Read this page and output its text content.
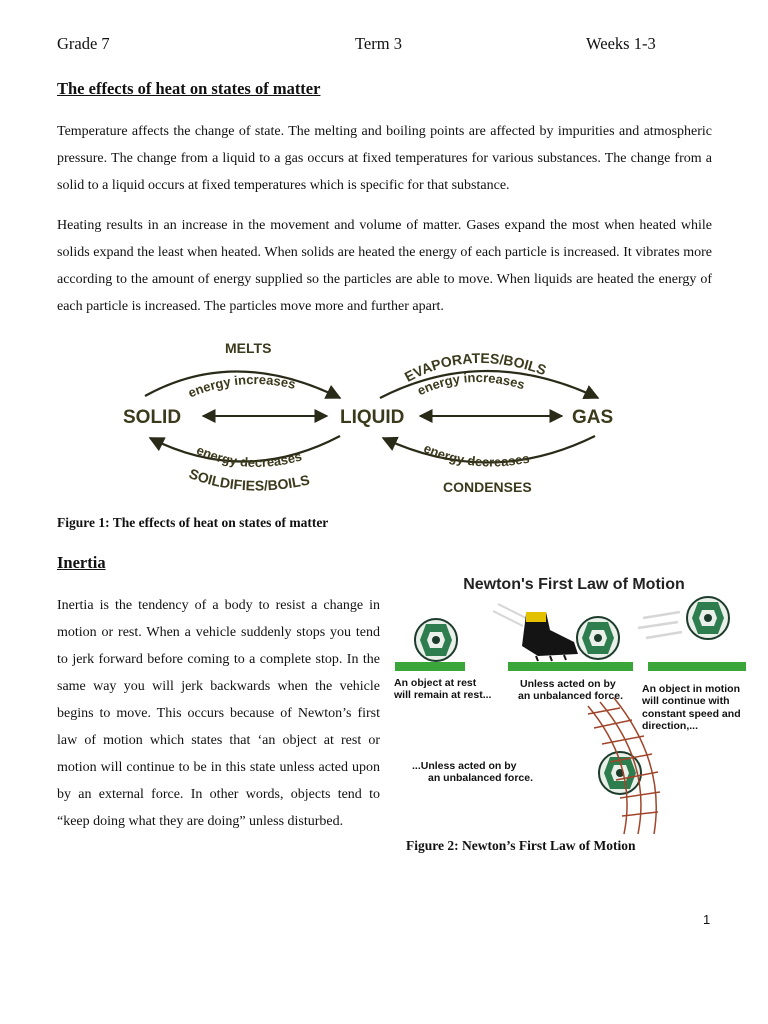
Grade 7	Term 3	Weeks 1-3
The effects of heat on states of matter

Temperature affects the change of state. The melting and boiling points are affected by impurities and atmospheric pressure. The change from a liquid to a gas occurs at fixed temperatures for various substances. The change from a solid to a liquid occurs at fixed temperatures which is specific for that substance.

Heating results in an increase in the movement and volume of matter. Gases expand the most when heated while solids expand the least when heated. When solids are heated the energy of each particle is increased. It vibrates more according to the amount of energy supplied so the particles are able to move. When liquids are heated the energy of each particle is increased. The particles move more and further apart.

SOLID	LIQUID	GAS
MELTS
EVAPORATES/BOILS
energy increases	energy increases
energy decreases	energy decreases
SOILDIFIES/BOILS	CONDENSES
Figure 1: The effects of heat on states of matter
Inertia

Inertia is the tendency of a body to resist a change in motion or rest. When a vehicle suddenly stops you tend to jerk forward before coming to a complete stop. In the same way you will jerk backwards when the vehicle begins to move. This occurs because of Newton’s first law of motion which states that ‘an object at rest or motion will continue to be in this state unless acted upon by an external force. In other words, objects tend to “keep doing what they are doing” unless disturbed.

Newton's First Law of Motion
An object at rest
will remain at rest...
Unless acted on by
an unbalanced force.
An object in motion
will continue with
constant speed and
direction,...
...Unless acted on by
an unbalanced force.
Figure 2: Newton’s First Law of Motion
1
